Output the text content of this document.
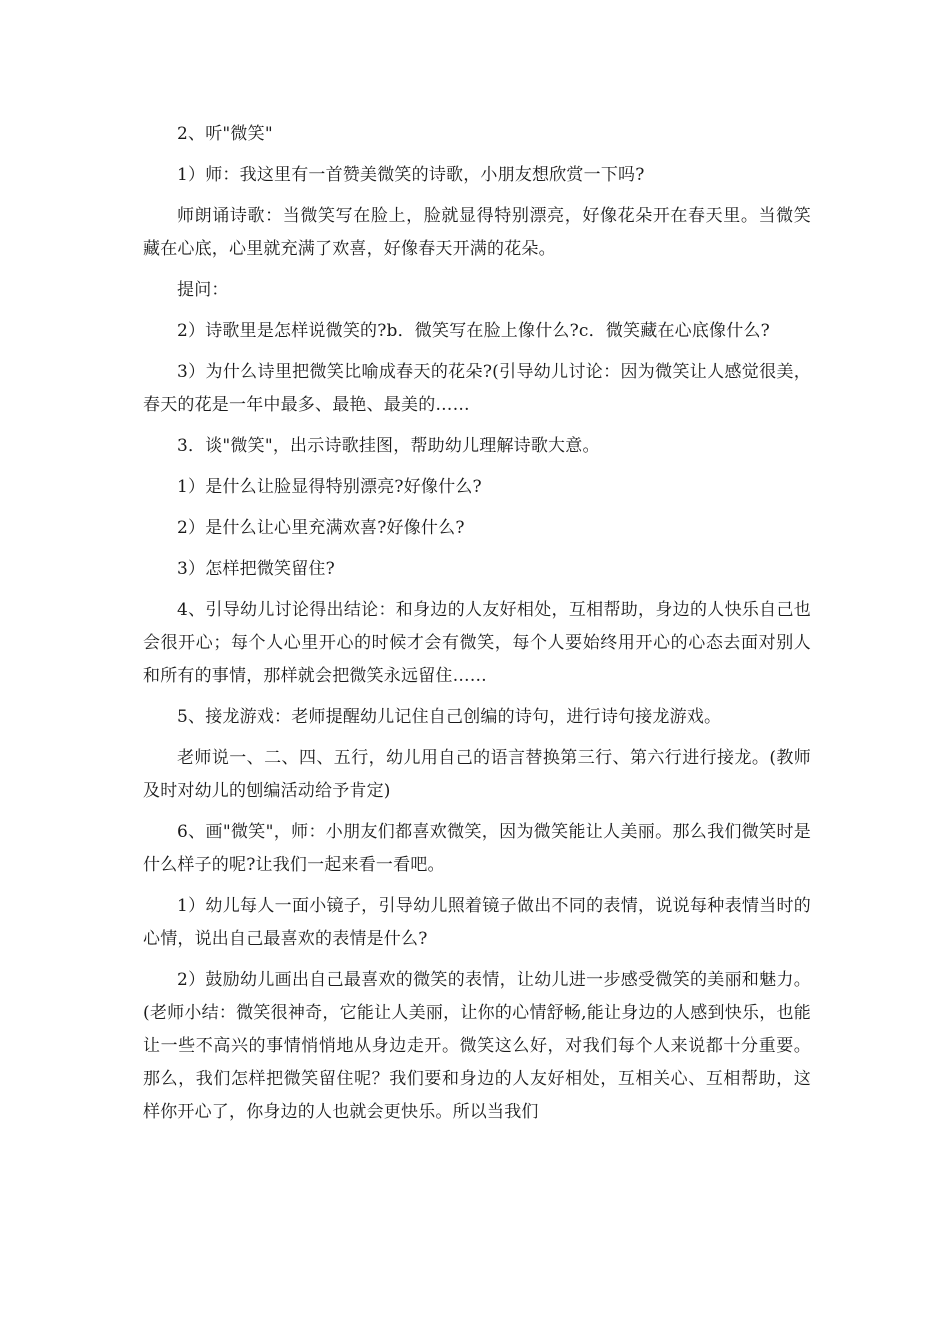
2、听"微笑"

1）师：我这里有一首赞美微笑的诗歌，小朋友想欣赏一下吗?

师朗诵诗歌：当微笑写在脸上，脸就显得特别漂亮，好像花朵开在春天里。当微笑藏在心底，心里就充满了欢喜，好像春天开满的花朵。

提问：

2）诗歌里是怎样说微笑的?b．微笑写在脸上像什么?c．微笑藏在心底像什么?

3）为什么诗里把微笑比喻成春天的花朵?(引导幼儿讨论：因为微笑让人感觉很美，春天的花是一年中最多、最艳、最美的……

3．谈"微笑"，出示诗歌挂图，帮助幼儿理解诗歌大意。

1）是什么让脸显得特别漂亮?好像什么?

2）是什么让心里充满欢喜?好像什么?

3）怎样把微笑留住?

4、引导幼儿讨论得出结论：和身边的人友好相处，互相帮助，身边的人快乐自己也会很开心；每个人心里开心的时候才会有微笑，每个人要始终用开心的心态去面对别人和所有的事情，那样就会把微笑永远留住……

5、接龙游戏：老师提醒幼儿记住自己创编的诗句，进行诗句接龙游戏。

老师说一、二、四、五行，幼儿用自己的语言替换第三行、第六行进行接龙。(教师及时对幼儿的刨编活动给予肯定)

6、画"微笑"，师：小朋友们都喜欢微笑，因为微笑能让人美丽。那么我们微笑时是什么样子的呢?让我们一起来看一看吧。

1）幼儿每人一面小镜子，引导幼儿照着镜子做出不同的表情，说说每种表情当时的心情，说出自己最喜欢的表情是什么?

2）鼓励幼儿画出自己最喜欢的微笑的表情，让幼儿进一步感受微笑的美丽和魅力。(老师小结：微笑很神奇，它能让人美丽，让你的心情舒畅,能让身边的人感到快乐，也能让一些不高兴的事情悄悄地从身边走开。微笑这么好，对我们每个人来说都十分重要。那么，我们怎样把微笑留住呢？我们要和身边的人友好相处，互相关心、互相帮助，这样你开心了，你身边的人也就会更快乐。所以当我们
